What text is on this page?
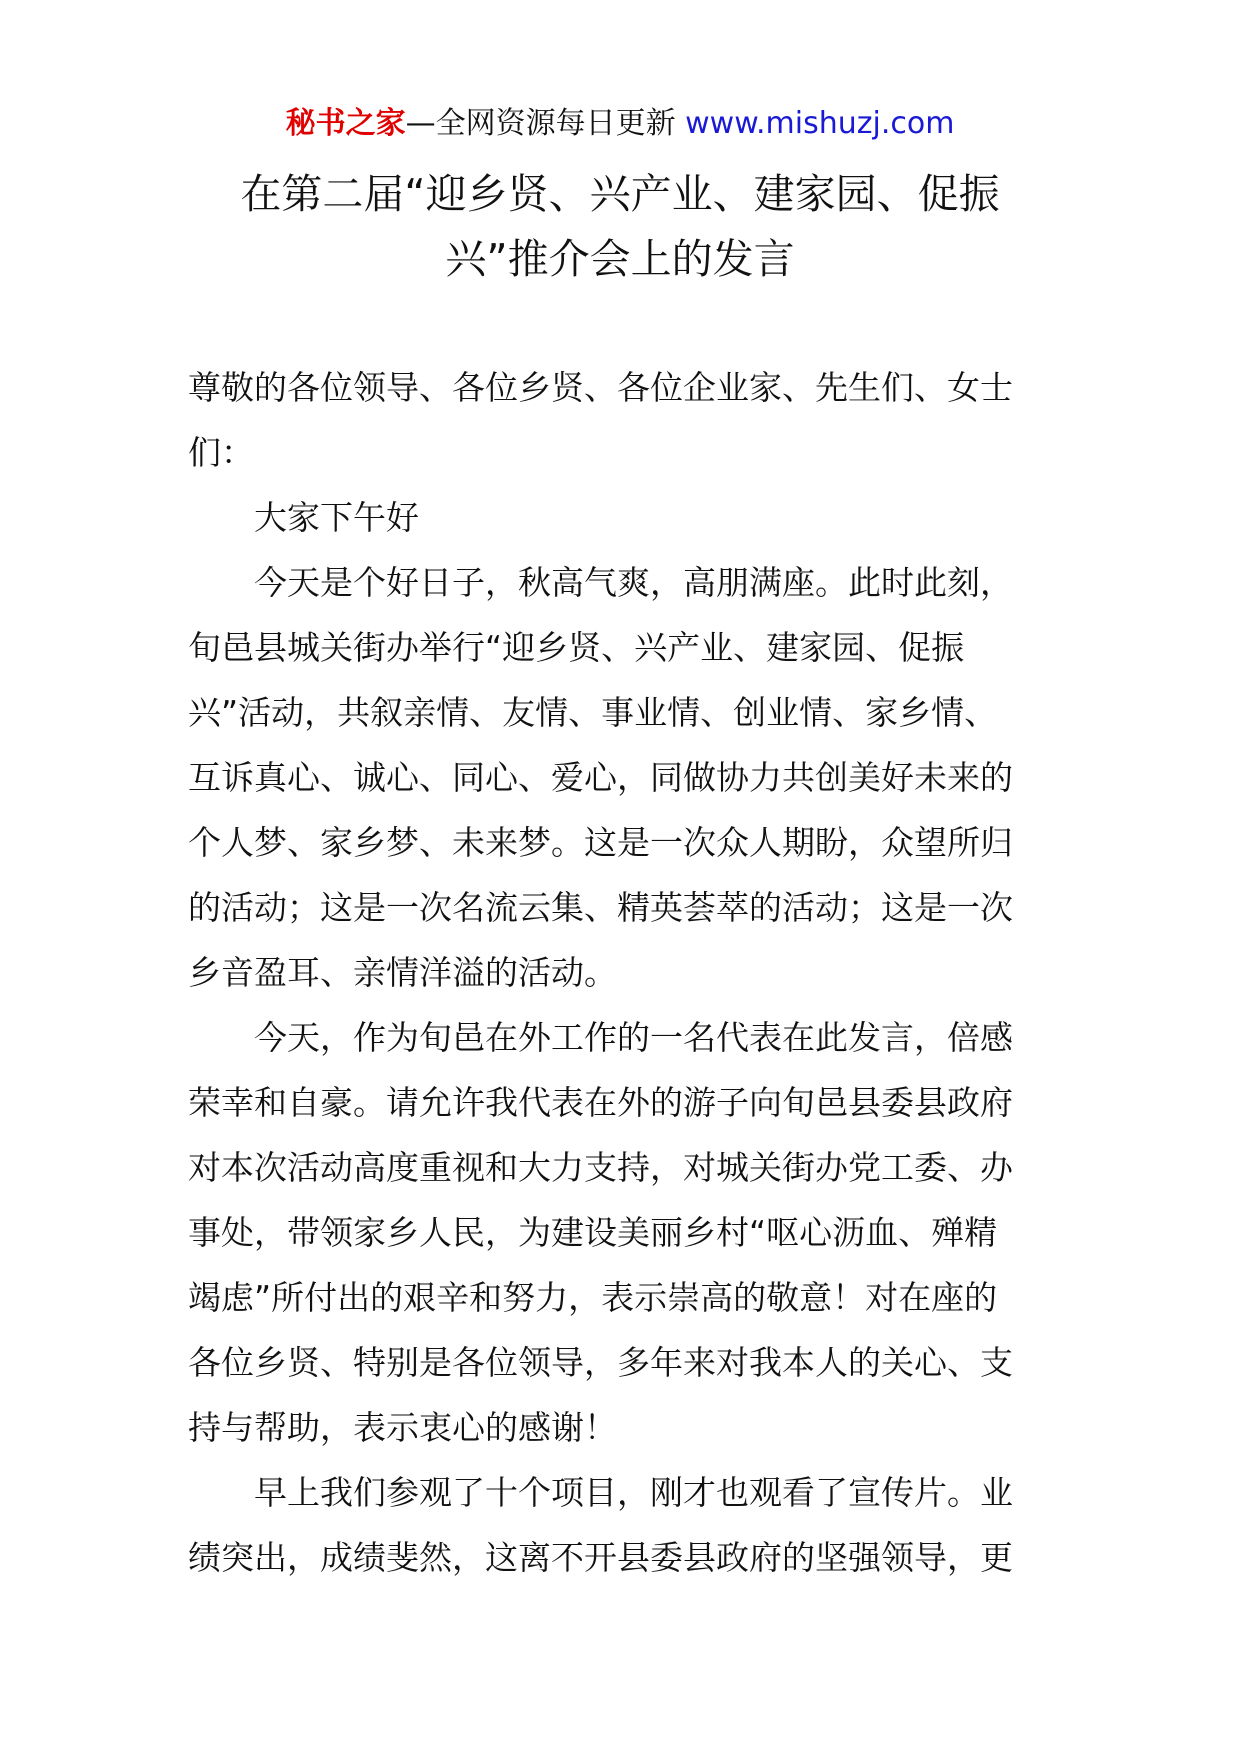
秘书之家—全网资源每日更新 www.mishuzj.com
在第二届“迎乡贤、兴产业、建家园、促振
兴”推介会上的发言
尊敬的各位领导、各位乡贤、各位企业家、先生们、女士
们：
大家下午好
今天是个好日子，秋高气爽，高朋满座。此时此刻，
旬邑县城关街办举行“迎乡贤、兴产业、建家园、促振
兴”活动，共叙亲情、友情、事业情、创业情、家乡情、
互诉真心、诚心、同心、爱心，同做协力共创美好未来的
个人梦、家乡梦、未来梦。这是一次众人期盼，众望所归
的活动；这是一次名流云集、精英荟萃的活动；这是一次
乡音盈耳、亲情洋溢的活动。
今天，作为旬邑在外工作的一名代表在此发言，倍感
荣幸和自豪。请允许我代表在外的游子向旬邑县委县政府
对本次活动高度重视和大力支持，对城关街办党工委、办
事处，带领家乡人民，为建设美丽乡村“呕心沥血、殚精
竭虑”所付出的艰辛和努力，表示崇高的敬意！对在座的
各位乡贤、特别是各位领导，多年来对我本人的关心、支
持与帮助，表示衷心的感谢！
早上我们参观了十个项目，刚才也观看了宣传片。业
绩突出，成绩斐然，这离不开县委县政府的坚强领导，更
